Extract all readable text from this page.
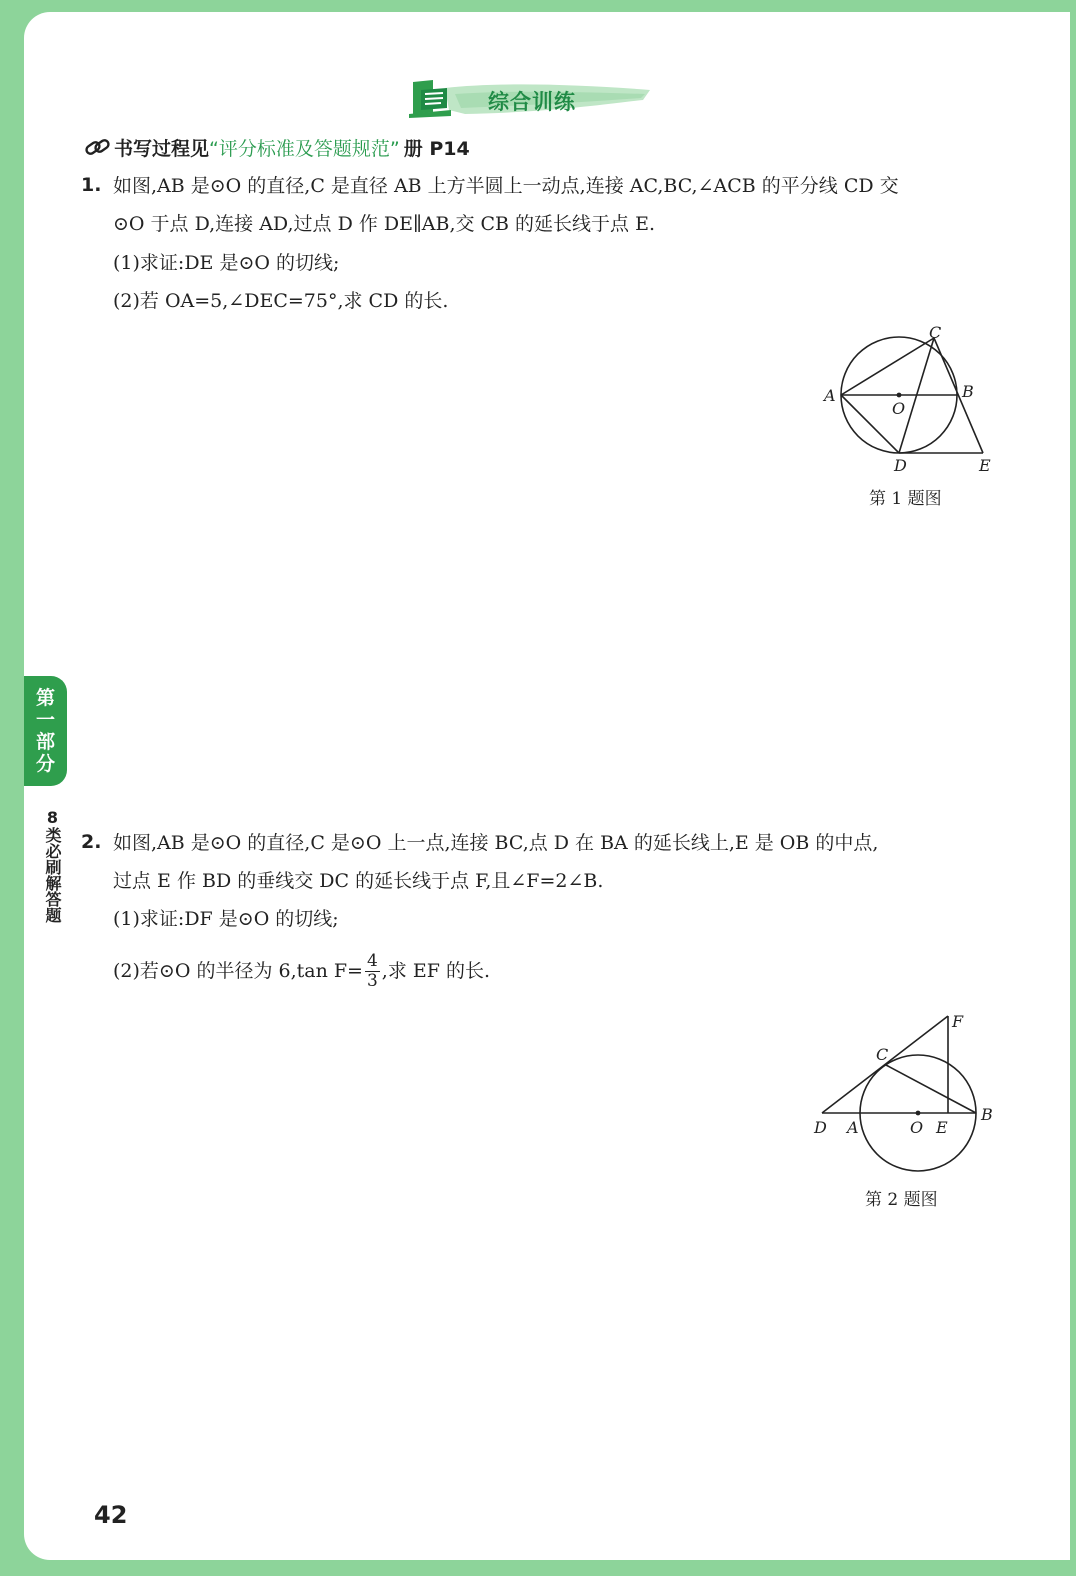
综合训练
书写过程见 “评分标准及答题规范” 册 P14
1. 如图,AB 是⊙O 的直径,C 是直径 AB 上方半圆上一动点,连接 AC,BC,∠ACB 的平分线 CD 交
⊙O 于点 D,连接 AD,过点 D 作 DE∥AB,交 CB 的延长线于点 E.
(1)求证:DE 是⊙O 的切线;
(2)若 OA=5,∠DEC=75°,求 CD 的长.
A	B
C
D	E
O
第 1 题图
第
一
部
分
8类必刷解答题 2. 如图,AB 是⊙O 的直径,C 是⊙O 上一点,连接 BC,点 D 在 BA 的延长线上,E 是 OB 的中点,
过点 E 作 BD 的垂线交 DC 的延长线于点 F,且∠F=2∠B.
(1)求证:DF 是⊙O 的切线;
(2)若⊙O 的半径为 6,tan $F= \frac{4}{3}$ ,求 EF 的长.
D A	O E
B
C
F
第 2 题图
42
